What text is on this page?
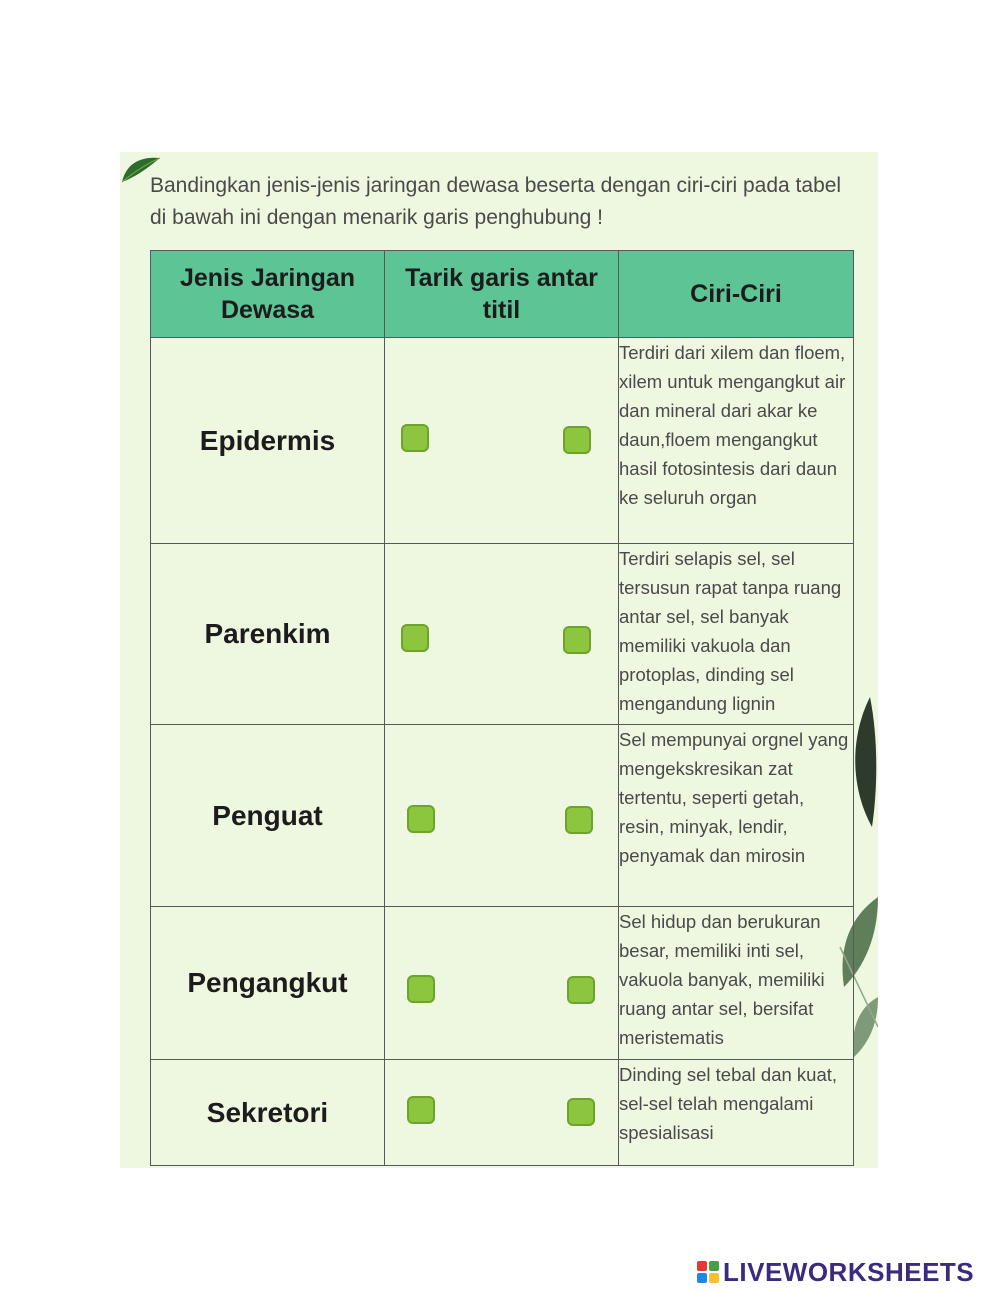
Bandingkan jenis-jenis jaringan dewasa beserta dengan ciri-ciri pada tabel di bawah ini dengan menarik garis penghubung !
Jenis Jaringan Dewasa	Tarik garis antar titil	Ciri-Ciri
Epidermis		Terdiri dari xilem dan floem, xilem untuk mengangkut air dan mineral dari akar ke daun,floem mengangkut hasil fotosintesis dari daun ke seluruh organ
Parenkim		Terdiri selapis sel, sel tersusun rapat tanpa ruang antar sel, sel banyak memiliki vakuola dan protoplas, dinding sel mengandung lignin
Penguat		Sel mempunyai orgnel yang mengekskresikan zat tertentu, seperti getah, resin, minyak, lendir, penyamak dan mirosin
Pengangkut		Sel hidup dan berukuran besar, memiliki inti sel, vakuola banyak, memiliki ruang antar sel, bersifat meristematis
Sekretori		Dinding sel tebal dan kuat, sel-sel telah mengalami spesialisasi
LIVEWORKSHEETS
